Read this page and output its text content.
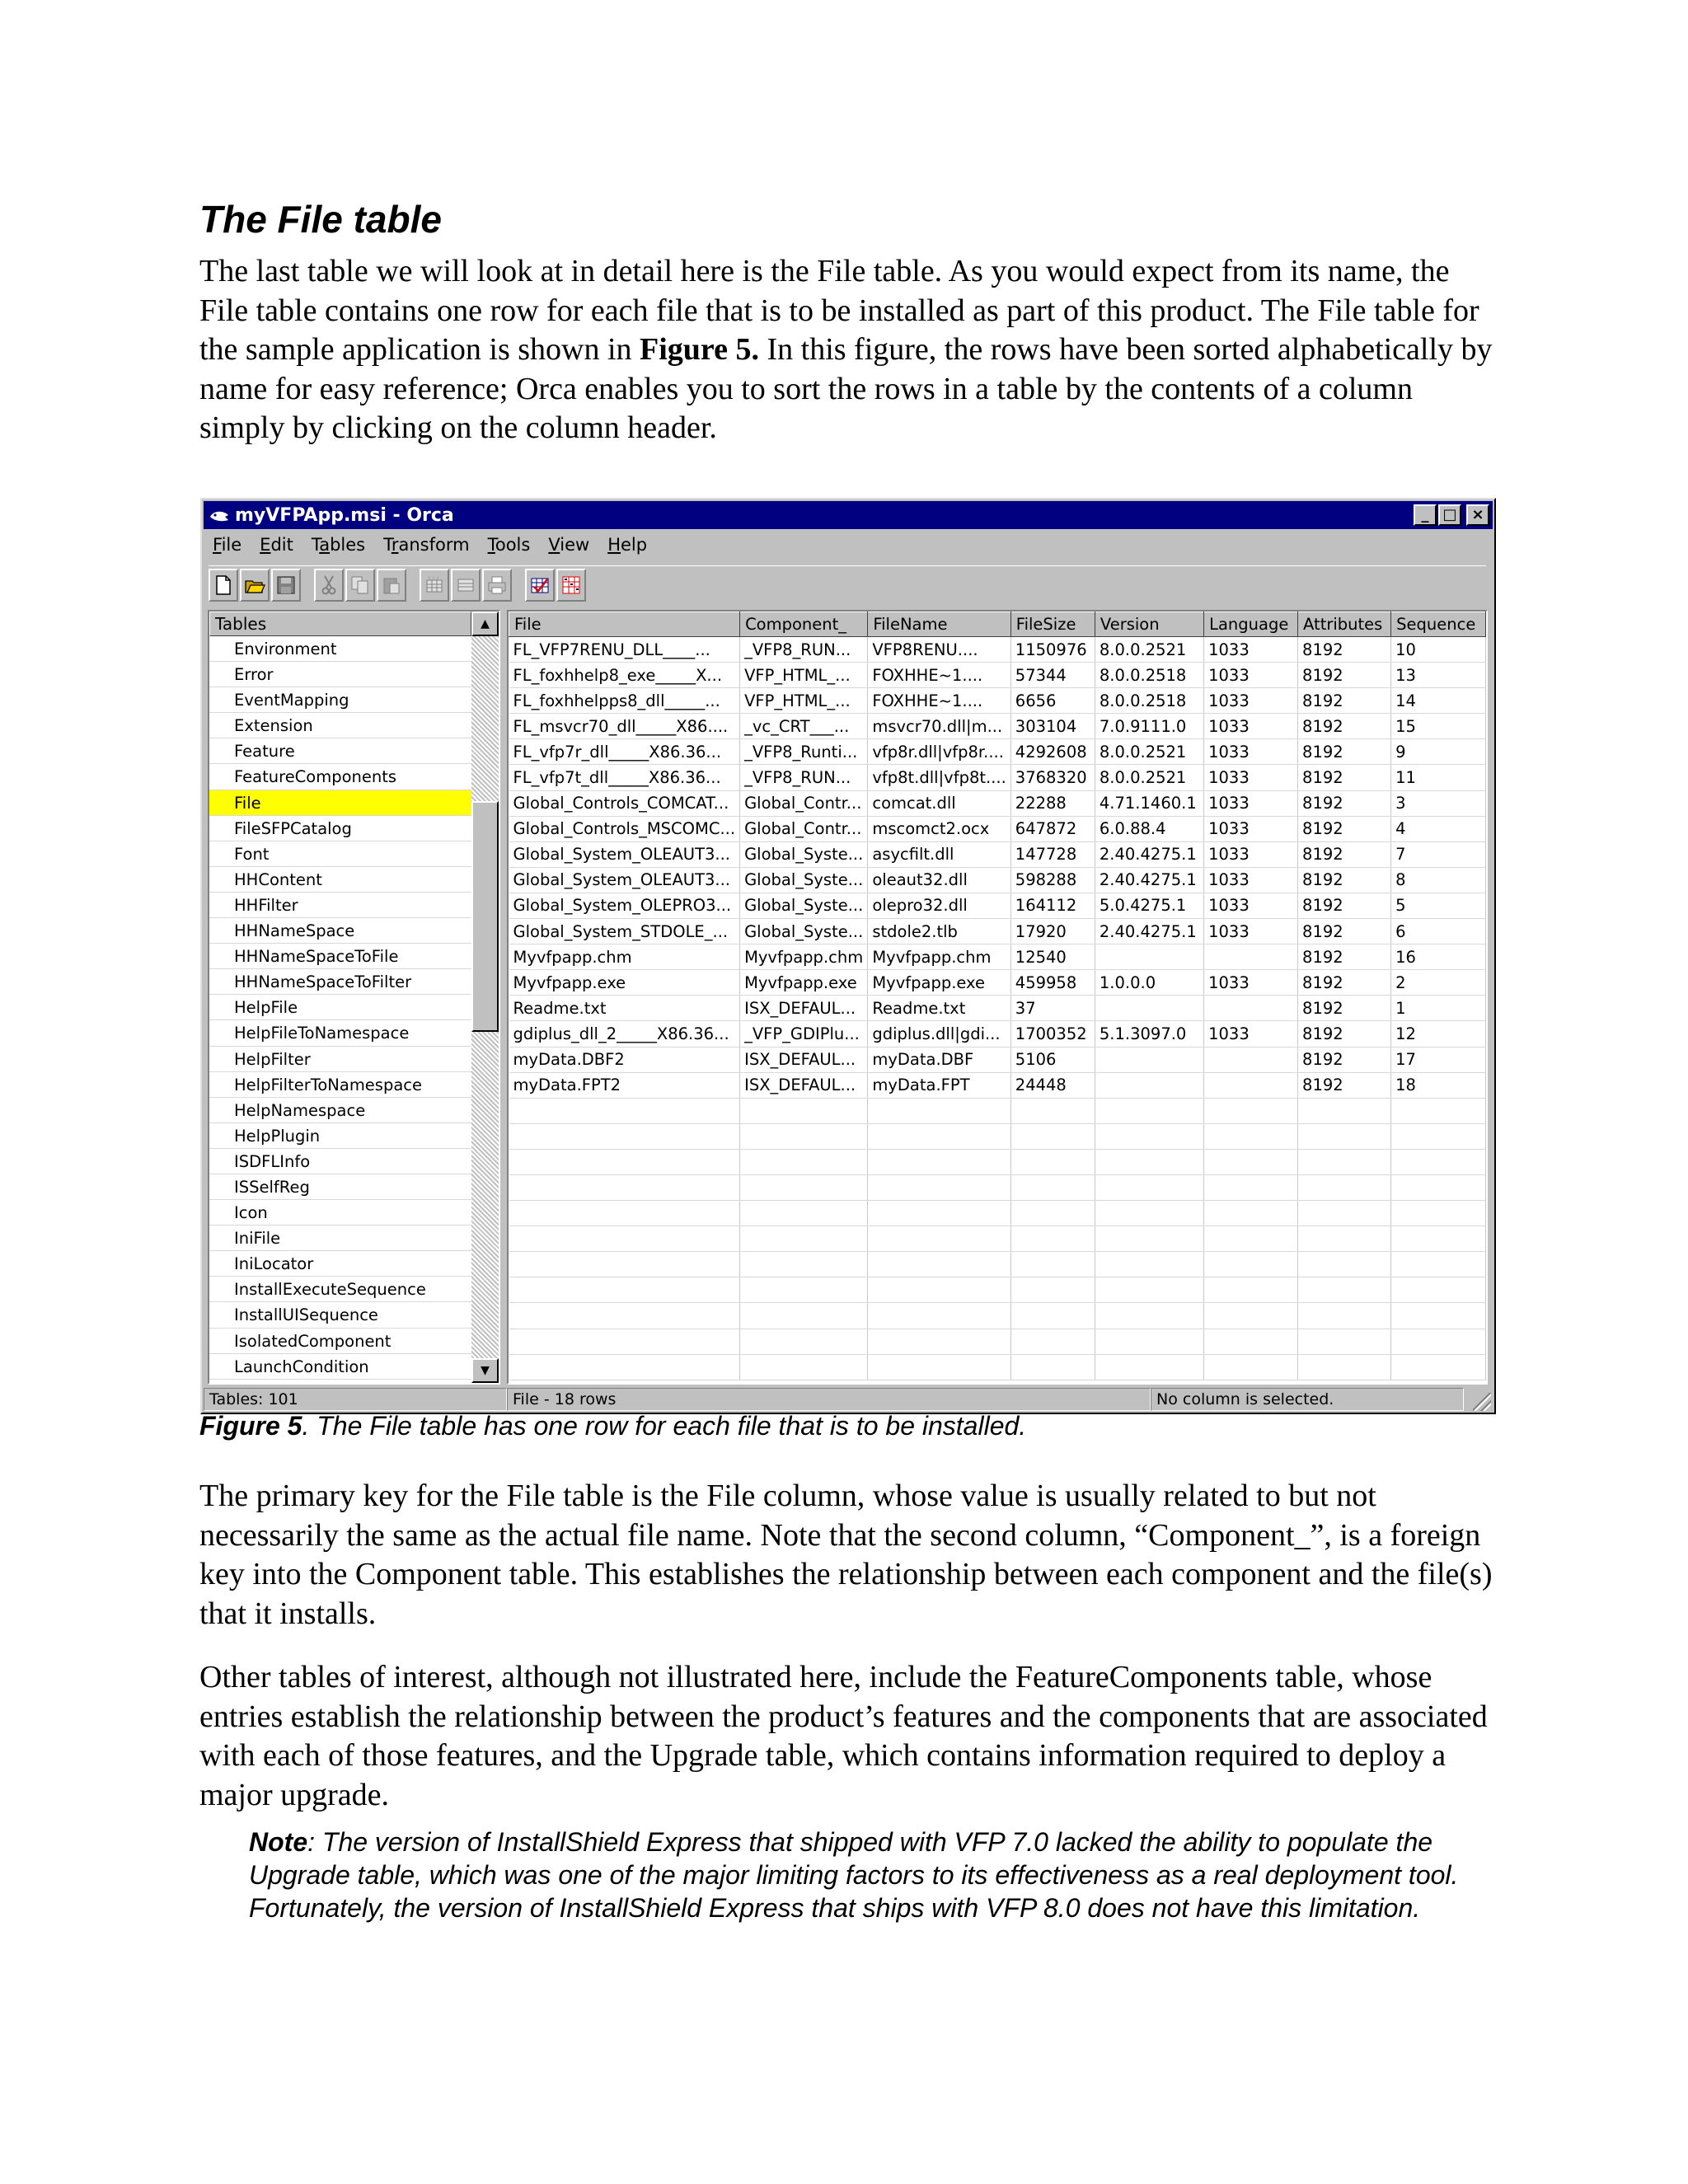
The File table

The last table we will look at in detail here is the File table. As you would expect from its name, the File table contains one row for each file that is to be installed as part of this product. The File table for the sample application is shown in Figure 5. In this figure, the rows have been sorted alphabetically by name for easy reference; Orca enables you to sort the rows in a table by the contents of a column simply by clicking on the column header.

myVFPApp.msi - Orca	_ □ ×
File	Edit	Tables	Transform	Tools	View	Help
Tables
Environment
Error
EventMapping
Extension
Feature
FeatureComponents
File
FileSFPCatalog
Font
HHContent
HHFilter
HHNameSpace
HHNameSpaceToFile
HHNameSpaceToFilter
HelpFile
HelpFileToNamespace
HelpFilter
HelpFilterToNamespace
HelpNamespace
HelpPlugin
ISDFLInfo
ISSelfReg
Icon
IniFile
IniLocator
InstallExecuteSequence
InstallUISequence
IsolatedComponent
LaunchCondition
▲
▼
File	Component_	FileName	FileSize	Version	Language	Attributes	Sequence
FL_VFP7RENU_DLL____...	_VFP8_RUN...	VFP8RENU....	1150976	8.0.0.2521	1033	8192	10
FL_foxhhelp8_exe_____X...	VFP_HTML_...	FOXHHE~1....	57344	8.0.0.2518	1033	8192	13
FL_foxhhelpps8_dll_____...	VFP_HTML_...	FOXHHE~1....	6656	8.0.0.2518	1033	8192	14
FL_msvcr70_dll_____X86....	_vc_CRT___...	msvcr70.dll|m...	303104	7.0.9111.0	1033	8192	15
FL_vfp7r_dll_____X86.36...	_VFP8_Runti...	vfp8r.dll|vfp8r....	4292608	8.0.0.2521	1033	8192	9
FL_vfp7t_dll_____X86.36...	_VFP8_RUN...	vfp8t.dll|vfp8t....	3768320	8.0.0.2521	1033	8192	11
Global_Controls_COMCAT...	Global_Contr...	comcat.dll	22288	4.71.1460.1	1033	8192	3
Global_Controls_MSCOMC...	Global_Contr...	mscomct2.ocx	647872	6.0.88.4	1033	8192	4
Global_System_OLEAUT3...	Global_Syste...	asycfilt.dll	147728	2.40.4275.1	1033	8192	7
Global_System_OLEAUT3...	Global_Syste...	oleaut32.dll	598288	2.40.4275.1	1033	8192	8
Global_System_OLEPRO3...	Global_Syste...	olepro32.dll	164112	5.0.4275.1	1033	8192	5
Global_System_STDOLE_...	Global_Syste...	stdole2.tlb	17920	2.40.4275.1	1033	8192	6
Myvfpapp.chm	Myvfpapp.chm	Myvfpapp.chm	12540			8192	16
Myvfpapp.exe	Myvfpapp.exe	Myvfpapp.exe	459958	1.0.0.0	1033	8192	2
Readme.txt	ISX_DEFAUL...	Readme.txt	37			8192	1
gdiplus_dll_2_____X86.36...	_VFP_GDIPlu...	gdiplus.dll|gdi...	1700352	5.1.3097.0	1033	8192	12
myData.DBF2	ISX_DEFAUL...	myData.DBF	5106			8192	17
myData.FPT2	ISX_DEFAUL...	myData.FPT	24448			8192	18

Tables: 101	File - 18 rows	No column is selected.

Figure 5. The File table has one row for each file that is to be installed.

The primary key for the File table is the File column, whose value is usually related to but not necessarily the same as the actual file name. Note that the second column, “Component_”, is a foreign key into the Component table. This establishes the relationship between each component and the file(s) that it installs.

Other tables of interest, although not illustrated here, include the FeatureComponents table, whose entries establish the relationship between the product’s features and the components that are associated with each of those features, and the Upgrade table, which contains information required to deploy a major upgrade.

Note: The version of InstallShield Express that shipped with VFP 7.0 lacked the ability to populate the Upgrade table, which was one of the major limiting factors to its effectiveness as a real deployment tool. Fortunately, the version of InstallShield Express that ships with VFP 8.0 does not have this limitation.
